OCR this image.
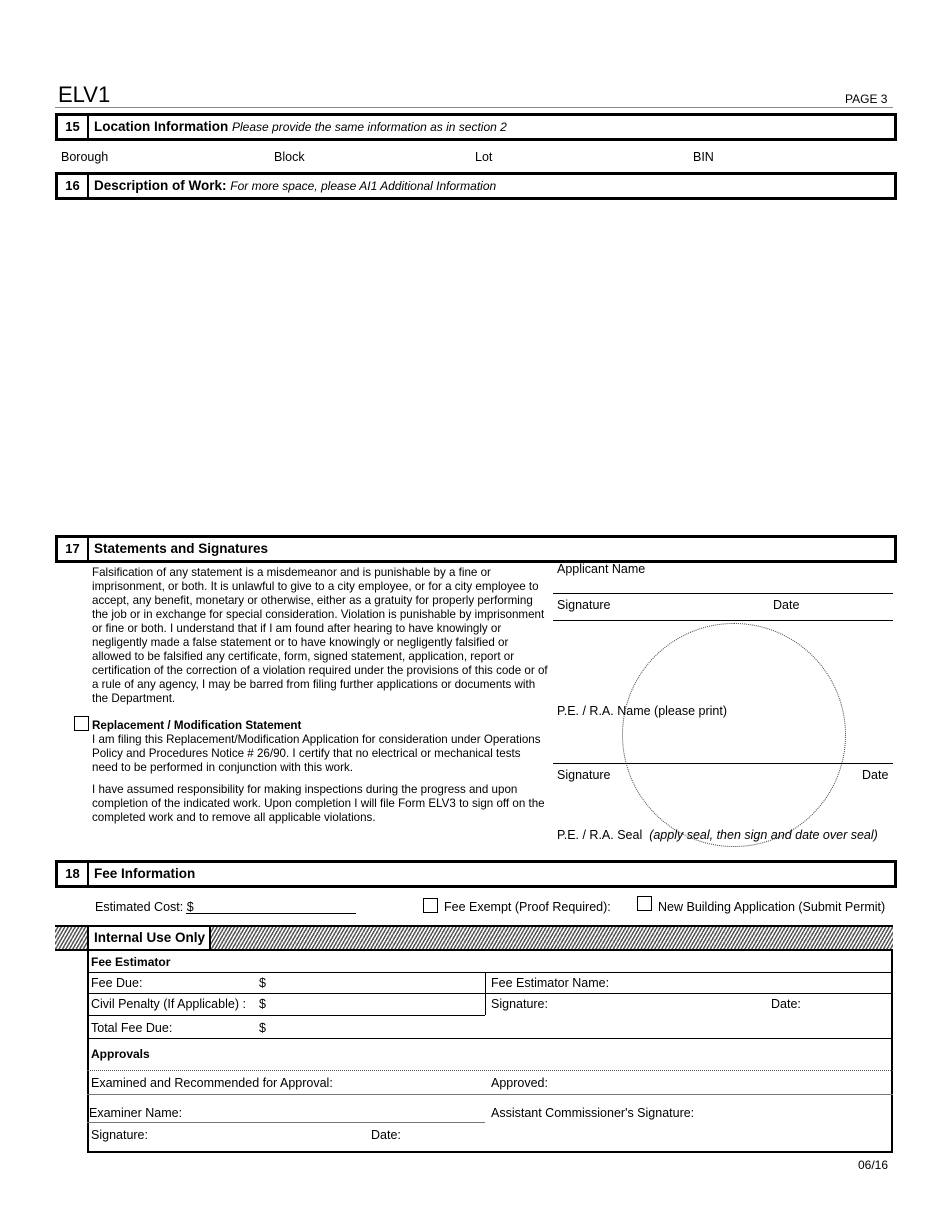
ELV1	PAGE 3
15	Location Information Please provide the same information as in section 2
Borough	Block	Lot	BIN
16	Description of Work: For more space, please AI1 Additional Information
17	Statements and Signatures
Falsification of any statement is a misdemeanor and is punishable by a fine or imprisonment, or both. It is unlawful to give to a city employee, or for a city employee to accept, any benefit, monetary or otherwise, either as a gratuity for properly performing the job or in exchange for special consideration. Violation is punishable by imprisonment or fine or both. I understand that if I am found after hearing to have knowingly or negligently made a false statement or to have knowingly or negligently falsified or allowed to be falsified any certificate, form, signed statement, application, report or certification of the correction of a violation required under the provisions of this code or of a rule of any agency, I may be barred from filing further applications or documents with the Department.
Replacement / Modification Statement
I am filing this Replacement/Modification Application for consideration under Operations Policy and Procedures Notice # 26/90. I certify that no electrical or mechanical tests need to be performed in conjunction with this work.
I have assumed responsibility for making inspections during the progress and upon completion of the indicated work. Upon completion I will file Form ELV3 to sign off on the completed work and to remove all applicable violations.
Applicant Name
Signature	Date
P.E. / R.A. Name (please print)
Signature	Date
P.E. / R.A. Seal (apply seal, then sign and date over seal)
18	Fee Information
Estimated Cost: $	Fee Exempt (Proof Required):	New Building Application (Submit Permit)
Internal Use Only
Fee Estimator
Fee Due:	$	Fee Estimator Name:
Civil Penalty (If Applicable) : $	Signature:	Date:
Total Fee Due:	$
Approvals
Examined and Recommended for Approval:	Approved:
Examiner Name:	Assistant Commissioner's Signature:
Signature:	Date:
06/16
